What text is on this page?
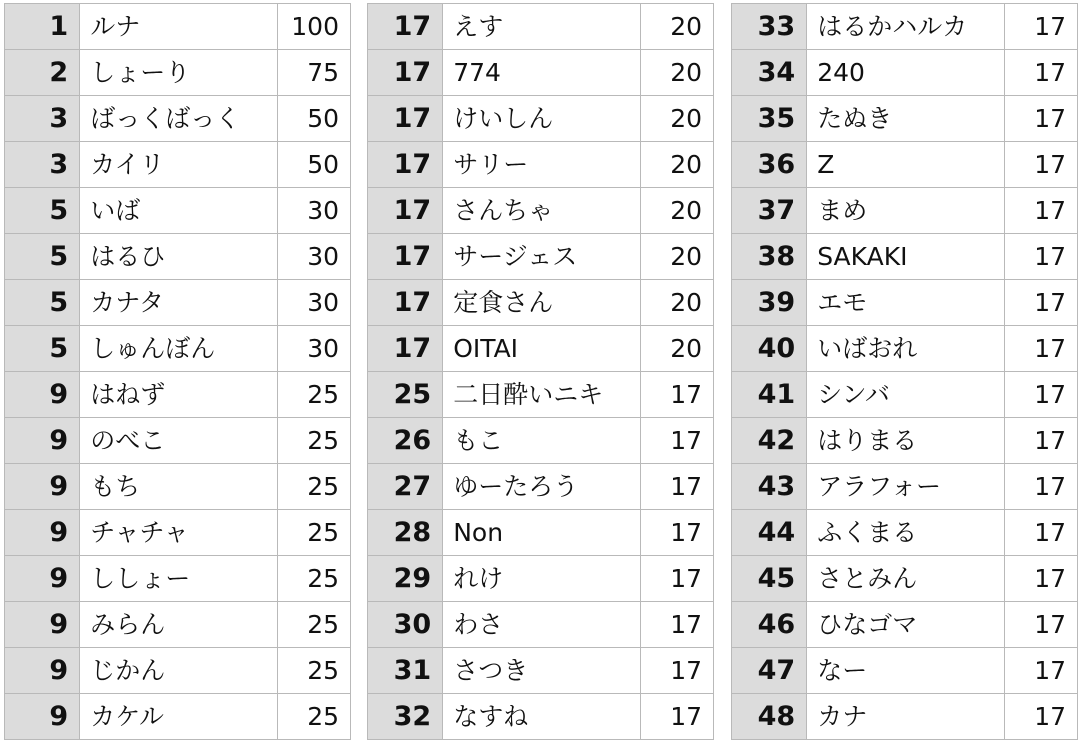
1	ルナ	100
2	しょーり	75
3	ばっくばっく	50
3	カイリ	50
5	いば	30
5	はるひ	30
5	カナタ	30
5	しゅんぼん	30
9	はねず	25
9	のべこ	25
9	もち	25
9	チャチャ	25
9	ししょー	25
9	みらん	25
9	じかん	25
9	カケル	25
17	えす	20
17	774	20
17	けいしん	20
17	サリー	20
17	さんちゃ	20
17	サージェス	20
17	定食さん	20
17	OITAI	20
25	二日酔いニキ	17
26	もこ	17
27	ゆーたろう	17
28	Non	17
29	れけ	17
30	わさ	17
31	さつき	17
32	なすね	17
33	はるかハルカ	17
34	240	17
35	たぬき	17
36	Z	17
37	まめ	17
38	SAKAKI	17
39	エモ	17
40	いばおれ	17
41	シンバ	17
42	はりまる	17
43	アラフォー	17
44	ふくまる	17
45	さとみん	17
46	ひなゴマ	17
47	なー	17
48	カナ	17
